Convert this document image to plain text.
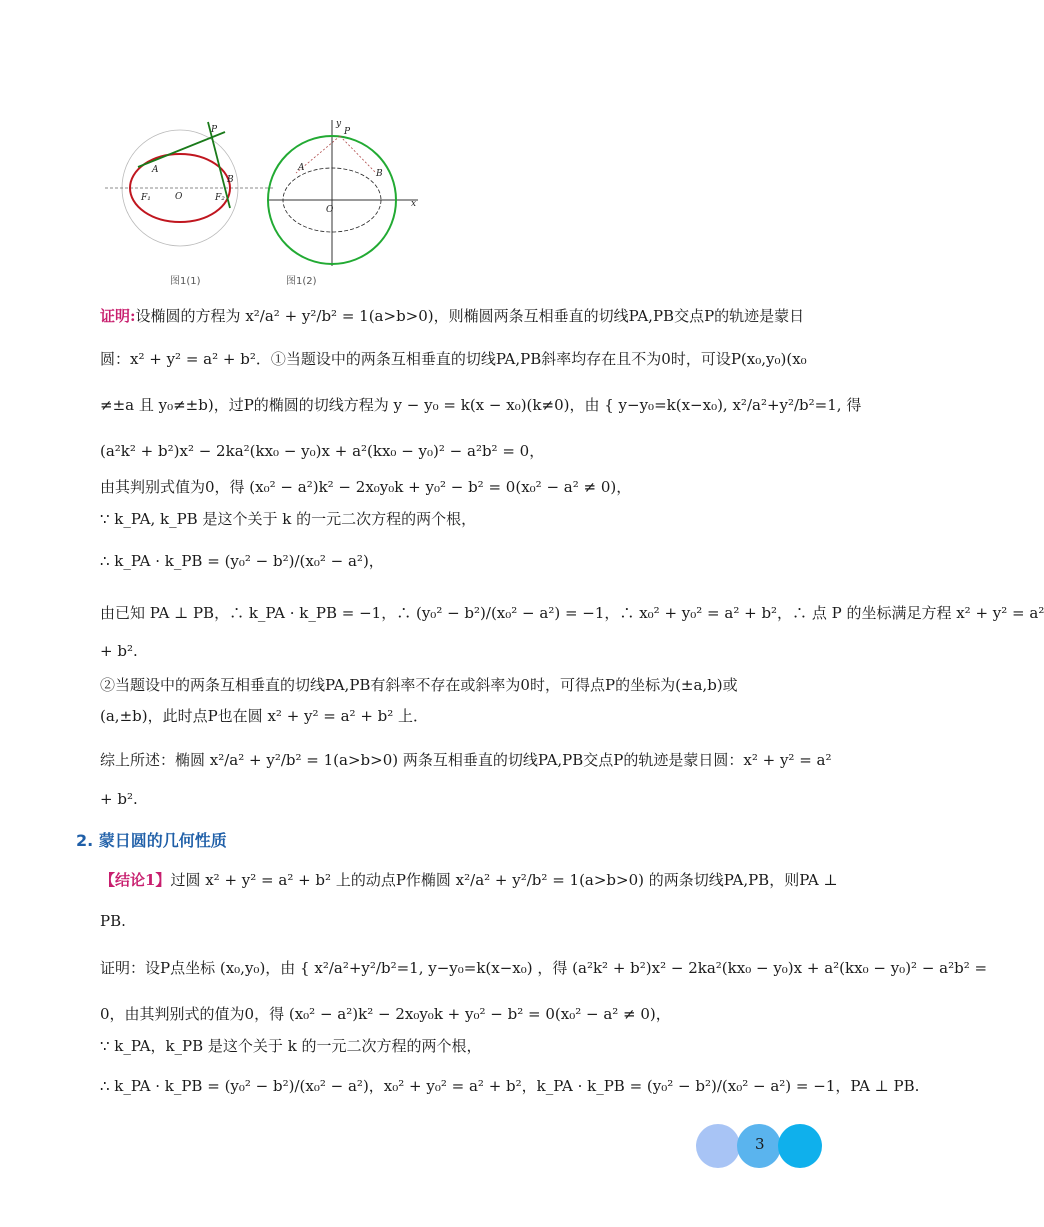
P
A
B
O
F₁	F₂
图1(1)
y
P
A
B
O
x
图1(2)
证明:设椭圆的方程为 x²/a² + y²/b² = 1(a>b>0)，则椭圆两条互相垂直的切线PA,PB交点P的轨迹是蒙日
圆：x² + y² = a² + b²．①当题设中的两条互相垂直的切线PA,PB斜率均存在且不为0时，可设P(x₀,y₀)(x₀
≠±a 且 y₀≠±b)，过P的椭圆的切线方程为 y − y₀ = k(x − x₀)(k≠0)，由 { y−y₀=k(x−x₀), x²/a²+y²/b²=1, 得
(a²k² + b²)x² − 2ka²(kx₀ − y₀)x + a²(kx₀ − y₀)² − a²b² = 0，
由其判别式值为0，得 (x₀² − a²)k² − 2x₀y₀k + y₀² − b² = 0(x₀² − a² ≠ 0)，
∵ k_PA, k_PB 是这个关于 k 的一元二次方程的两个根，
∴ k_PA · k_PB = (y₀² − b²)/(x₀² − a²)，
由已知 PA ⊥ PB，∴ k_PA · k_PB = −1，∴ (y₀² − b²)/(x₀² − a²) = −1，∴ x₀² + y₀² = a² + b²，∴ 点 P 的坐标满足方程 x² + y² = a²
+ b².
②当题设中的两条互相垂直的切线PA,PB有斜率不存在或斜率为0时，可得点P的坐标为(±a,b)或
(a,±b)，此时点P也在圆 x² + y² = a² + b² 上．
综上所述：椭圆 x²/a² + y²/b² = 1(a>b>0) 两条互相垂直的切线PA,PB交点P的轨迹是蒙日圆：x² + y² = a²
+ b².
2. 蒙日圆的几何性质
【结论1】过圆 x² + y² = a² + b² 上的动点P作椭圆 x²/a² + y²/b² = 1(a>b>0) 的两条切线PA,PB，则PA ⊥
PB.
证明：设P点坐标 (x₀,y₀)，由 { x²/a²+y²/b²=1, y−y₀=k(x−x₀) ，得 (a²k² + b²)x² − 2ka²(kx₀ − y₀)x + a²(kx₀ − y₀)² − a²b² =
0，由其判别式的值为0，得 (x₀² − a²)k² − 2x₀y₀k + y₀² − b² = 0(x₀² − a² ≠ 0)，
∵ k_PA，k_PB 是这个关于 k 的一元二次方程的两个根，
∴ k_PA · k_PB = (y₀² − b²)/(x₀² − a²)，x₀² + y₀² = a² + b²，k_PA · k_PB = (y₀² − b²)/(x₀² − a²) = −1，PA ⊥ PB.
3
